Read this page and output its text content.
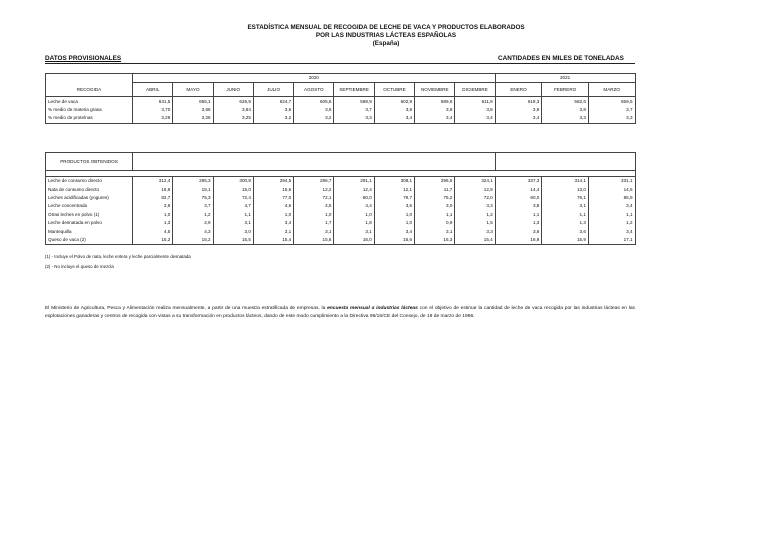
ESTADÍSTICA MENSUAL DE RECOGIDA DE LECHE DE VACA Y PRODUCTOS ELABORADOS
POR LAS INDUSTRIAS LÁCTEAS ESPAÑOLAS
(España)
DATOS PROVISIONALES	CANTIDADES EN MILES DE TONELADAS
	2020									2021		
RECOGIDA	ABRIL	MAYO	JUNIO	JULIO	AGOSTO	SEPTIEMBRE	OCTUBRE	NOVIEMBRE	DICIEMBRE	ENERO	FEBRERO	MARZO
Leche de vaca	631,5	655,1	626,9	624,7	605,6	588,9	602,9	589,6	611,9	619,3	582,6	659,5
% medio de materia grasa	3,70	3,66	3,64	3,6	3,6	3,7	3,8	3,8	3,8	3,9	3,8	3,7
% medio de proteínas	3,29	3,26	3,25	3,2	3,2	3,3	3,4	3,4	3,4	3,4	3,3	3,3
PRODUCTOS OBTENIDOS												

Leche de consumo directo	312,4	285,3	300,8	294,5	286,7	291,1	308,1	296,5	324,1	337,3	314,1	331,1
Nata de consumo directo	16,9	18,1	15,0	15,6	12,2	12,4	12,1	11,7	12,9	14,4	13,0	14,5
Leches acidificadas (yogures)	82,7	75,3	72,4	77,0	72,1	80,0	79,7	75,2	72,0	80,0	76,1	85,9
Leche concentrada	3,9	3,7	4,7	4,6	4,5	4,4	3,6	3,0	3,3	3,8	3,1	3,4
Otras leches en polvo (1)	1,0	1,2	1,1	1,0	1,0	1,0	1,0	1,1	1,2	1,1	1,1	1,1
Leche desnatada en polvo	1,3	2,9	3,1	3,4	1,7	1,8	1,0	0,9	1,5	1,3	1,3	1,2
Mantequilla	4,5	4,3	3,0	3,1	3,1	3,1	3,4	3,1	3,3	3,6	3,6	3,4
Queso de vaca (2)	15,2	15,2	15,5	15,4	15,6	16,0	16,6	16,3	15,4	16,9	15,9	17,1
(1) - Incluye el Polvo de nata, leche entera y leche parcialmente desnatada
(2) - No incluye el queso de mezcla
El Ministerio de Agricultura, Pesca y Alimentación realiza mensualmente, a partir de una muestra estratificada de empresas, la encuesta mensual a industrias lácteas con el objetivo de estimar la cantidad de leche de vaca recogida por las industrias lácteas en las explotaciones ganaderas y centros de recogida con vistas a su transformación en productos lácteos, dando de este modo cumplimiento a la Directiva 96/16/CE del Consejo, de 19 de marzo de 1996.
